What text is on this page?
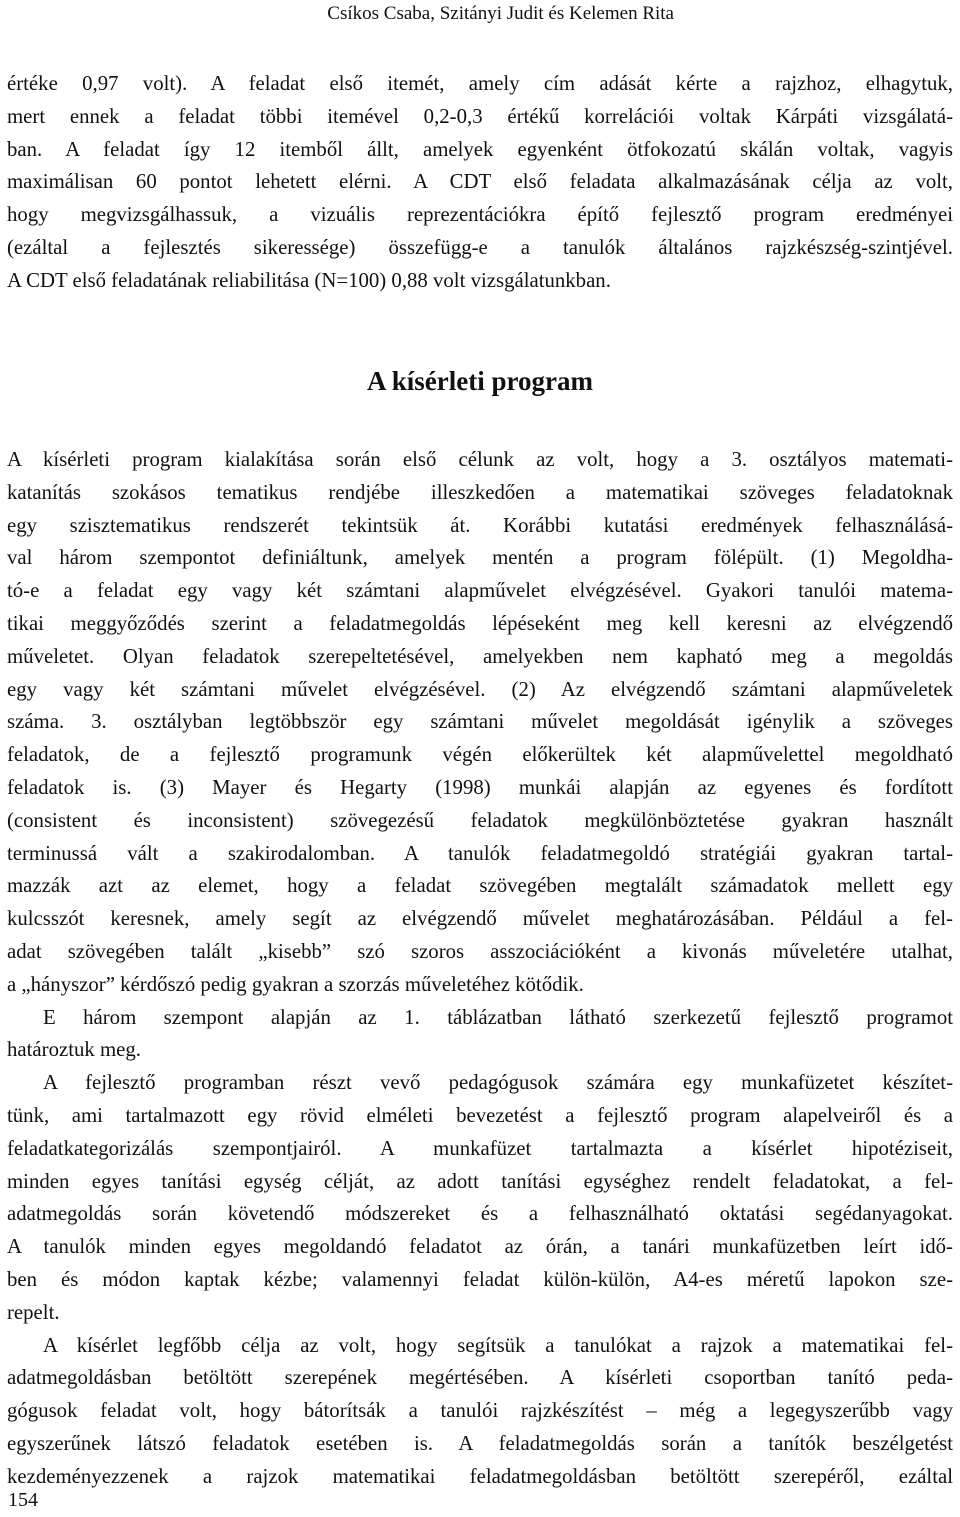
Csíkos Csaba, Szitányi Judit és Kelemen Rita
értéke 0,97 volt). A feladat első itemét, amely cím adását kérte a rajzhoz, elhagytuk,
mert ennek a feladat többi itemével 0,2-0,3 értékű korrelációi voltak Kárpáti vizsgálatá-
ban. A feladat így 12 itemből állt, amelyek egyenként ötfokozatú skálán voltak, vagyis
maximálisan 60 pontot lehetett elérni. A CDT első feladata alkalmazásának célja az volt,
hogy megvizsgálhassuk, a vizuális reprezentációkra építő fejlesztő program eredményei
(ezáltal a fejlesztés sikeressége) összefügg-e a tanulók általános rajzkészség-szintjével.
A CDT első feladatának reliabilitása (N=100) 0,88 volt vizsgálatunkban.
A kísérleti program
A kísérleti program kialakítása során első célunk az volt, hogy a 3. osztályos matemati-
katanítás szokásos tematikus rendjébe illeszkedően a matematikai szöveges feladatoknak
egy szisztematikus rendszerét tekintsük át. Korábbi kutatási eredmények felhasználásá-
val három szempontot definiáltunk, amelyek mentén a program fölépült. (1) Megoldha-
tó-e a feladat egy vagy két számtani alapművelet elvégzésével. Gyakori tanulói matema-
tikai meggyőződés szerint a feladatmegoldás lépéseként meg kell keresni az elvégzendő
műveletet. Olyan feladatok szerepeltetésével, amelyekben nem kapható meg a megoldás
egy vagy két számtani művelet elvégzésével. (2) Az elvégzendő számtani alapműveletek
száma. 3. osztályban legtöbbször egy számtani művelet megoldását igénylik a szöveges
feladatok, de a fejlesztő programunk végén előkerültek két alapművelettel megoldható
feladatok is. (3) Mayer és Hegarty (1998) munkái alapján az egyenes és fordított
(consistent és inconsistent) szövegezésű feladatok megkülönböztetése gyakran használt
terminussá vált a szakirodalomban. A tanulók feladatmegoldó stratégiái gyakran tartal-
mazzák azt az elemet, hogy a feladat szövegében megtalált számadatok mellett egy
kulcsszót keresnek, amely segít az elvégzendő művelet meghatározásában. Például a fel-
adat szövegében talált „kisebb” szó szoros asszociációként a kivonás műveletére utalhat,
a „hányszor” kérdőszó pedig gyakran a szorzás műveletéhez kötődik.
E három szempont alapján az 1. táblázatban látható szerkezetű fejlesztő programot
határoztuk meg.
A fejlesztő programban részt vevő pedagógusok számára egy munkafüzetet készítet-
tünk, ami tartalmazott egy rövid elméleti bevezetést a fejlesztő program alapelveiről és a
feladatkategorizálás szempontjairól. A munkafüzet tartalmazta a kísérlet hipotéziseit,
minden egyes tanítási egység célját, az adott tanítási egységhez rendelt feladatokat, a fel-
adatmegoldás során követendő módszereket és a felhasználható oktatási segédanyagokat.
A tanulók minden egyes megoldandó feladatot az órán, a tanári munkafüzetben leírt idő-
ben és módon kaptak kézbe; valamennyi feladat külön-külön, A4-es méretű lapokon sze-
repelt.
A kísérlet legfőbb célja az volt, hogy segítsük a tanulókat a rajzok a matematikai fel-
adatmegoldásban betöltött szerepének megértésében. A kísérleti csoportban tanító peda-
gógusok feladat volt, hogy bátorítsák a tanulói rajzkészítést – még a legegyszerűbb vagy
egyszerűnek látszó feladatok esetében is. A feladatmegoldás során a tanítók beszélgetést
kezdeményezzenek a rajzok matematikai feladatmegoldásban betöltött szerepéről, ezáltal
154
